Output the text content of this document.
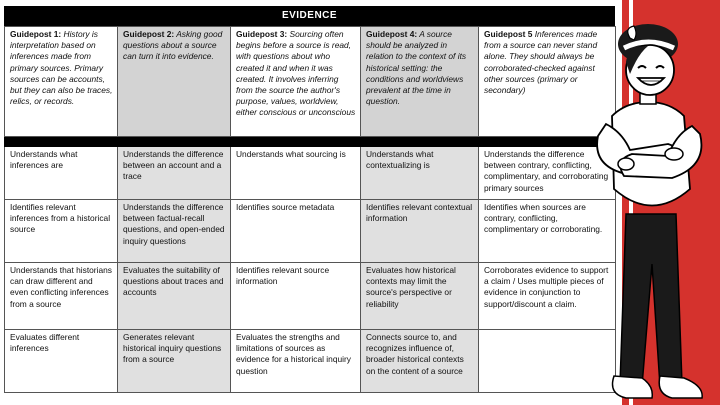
EVIDENCE
Guidepost 1: History is interpretation based on inferences made from primary sources. Primary sources can be accounts, but they can also be traces, relics, or records.	Guidepost 2: Asking good questions about a source can turn it into evidence.	Guidepost 3: Sourcing often begins before a source is read, with questions about who created it and when it was created. It involves inferring from the source the author's purpose, values, worldview, either conscious or unconscious	Guidepost 4: A source should be analyzed in relation to the context of its historical setting: the conditions and worldviews prevalent at the time in question.	Guidepost 5 Inferences made from a source can never stand alone. They should always be corroborated-checked against other sources (primary or secondary)

Understands what inferences are	Understands the difference between an account and a trace	Understands what sourcing is	Understands what contextualizing is	Understands the difference between contrary, conflicting, complimentary, and corroborating primary sources
Identifies relevant inferences from a historical source	Understands the difference between factual-recall questions, and open-ended inquiry questions	Identifies source metadata	Identifies relevant contextual information	Identifies when sources are contrary, conflicting, complimentary or corroborating.
Understands that historians can draw different and even conflicting inferences from a source	Evaluates the suitability of questions about traces and accounts	Identifies relevant source information	Evaluates how historical contexts may limit the source's perspective or reliability	Corroborates evidence to support a claim / Uses multiple pieces of evidence in conjunction to support/discount a claim.
Evaluates different inferences	Generates relevant historical inquiry questions from a source	Evaluates the strengths and limitations of sources as evidence for a historical inquiry question	Connects source to, and recognizes influence of, broader historical contexts on the content of a source	
